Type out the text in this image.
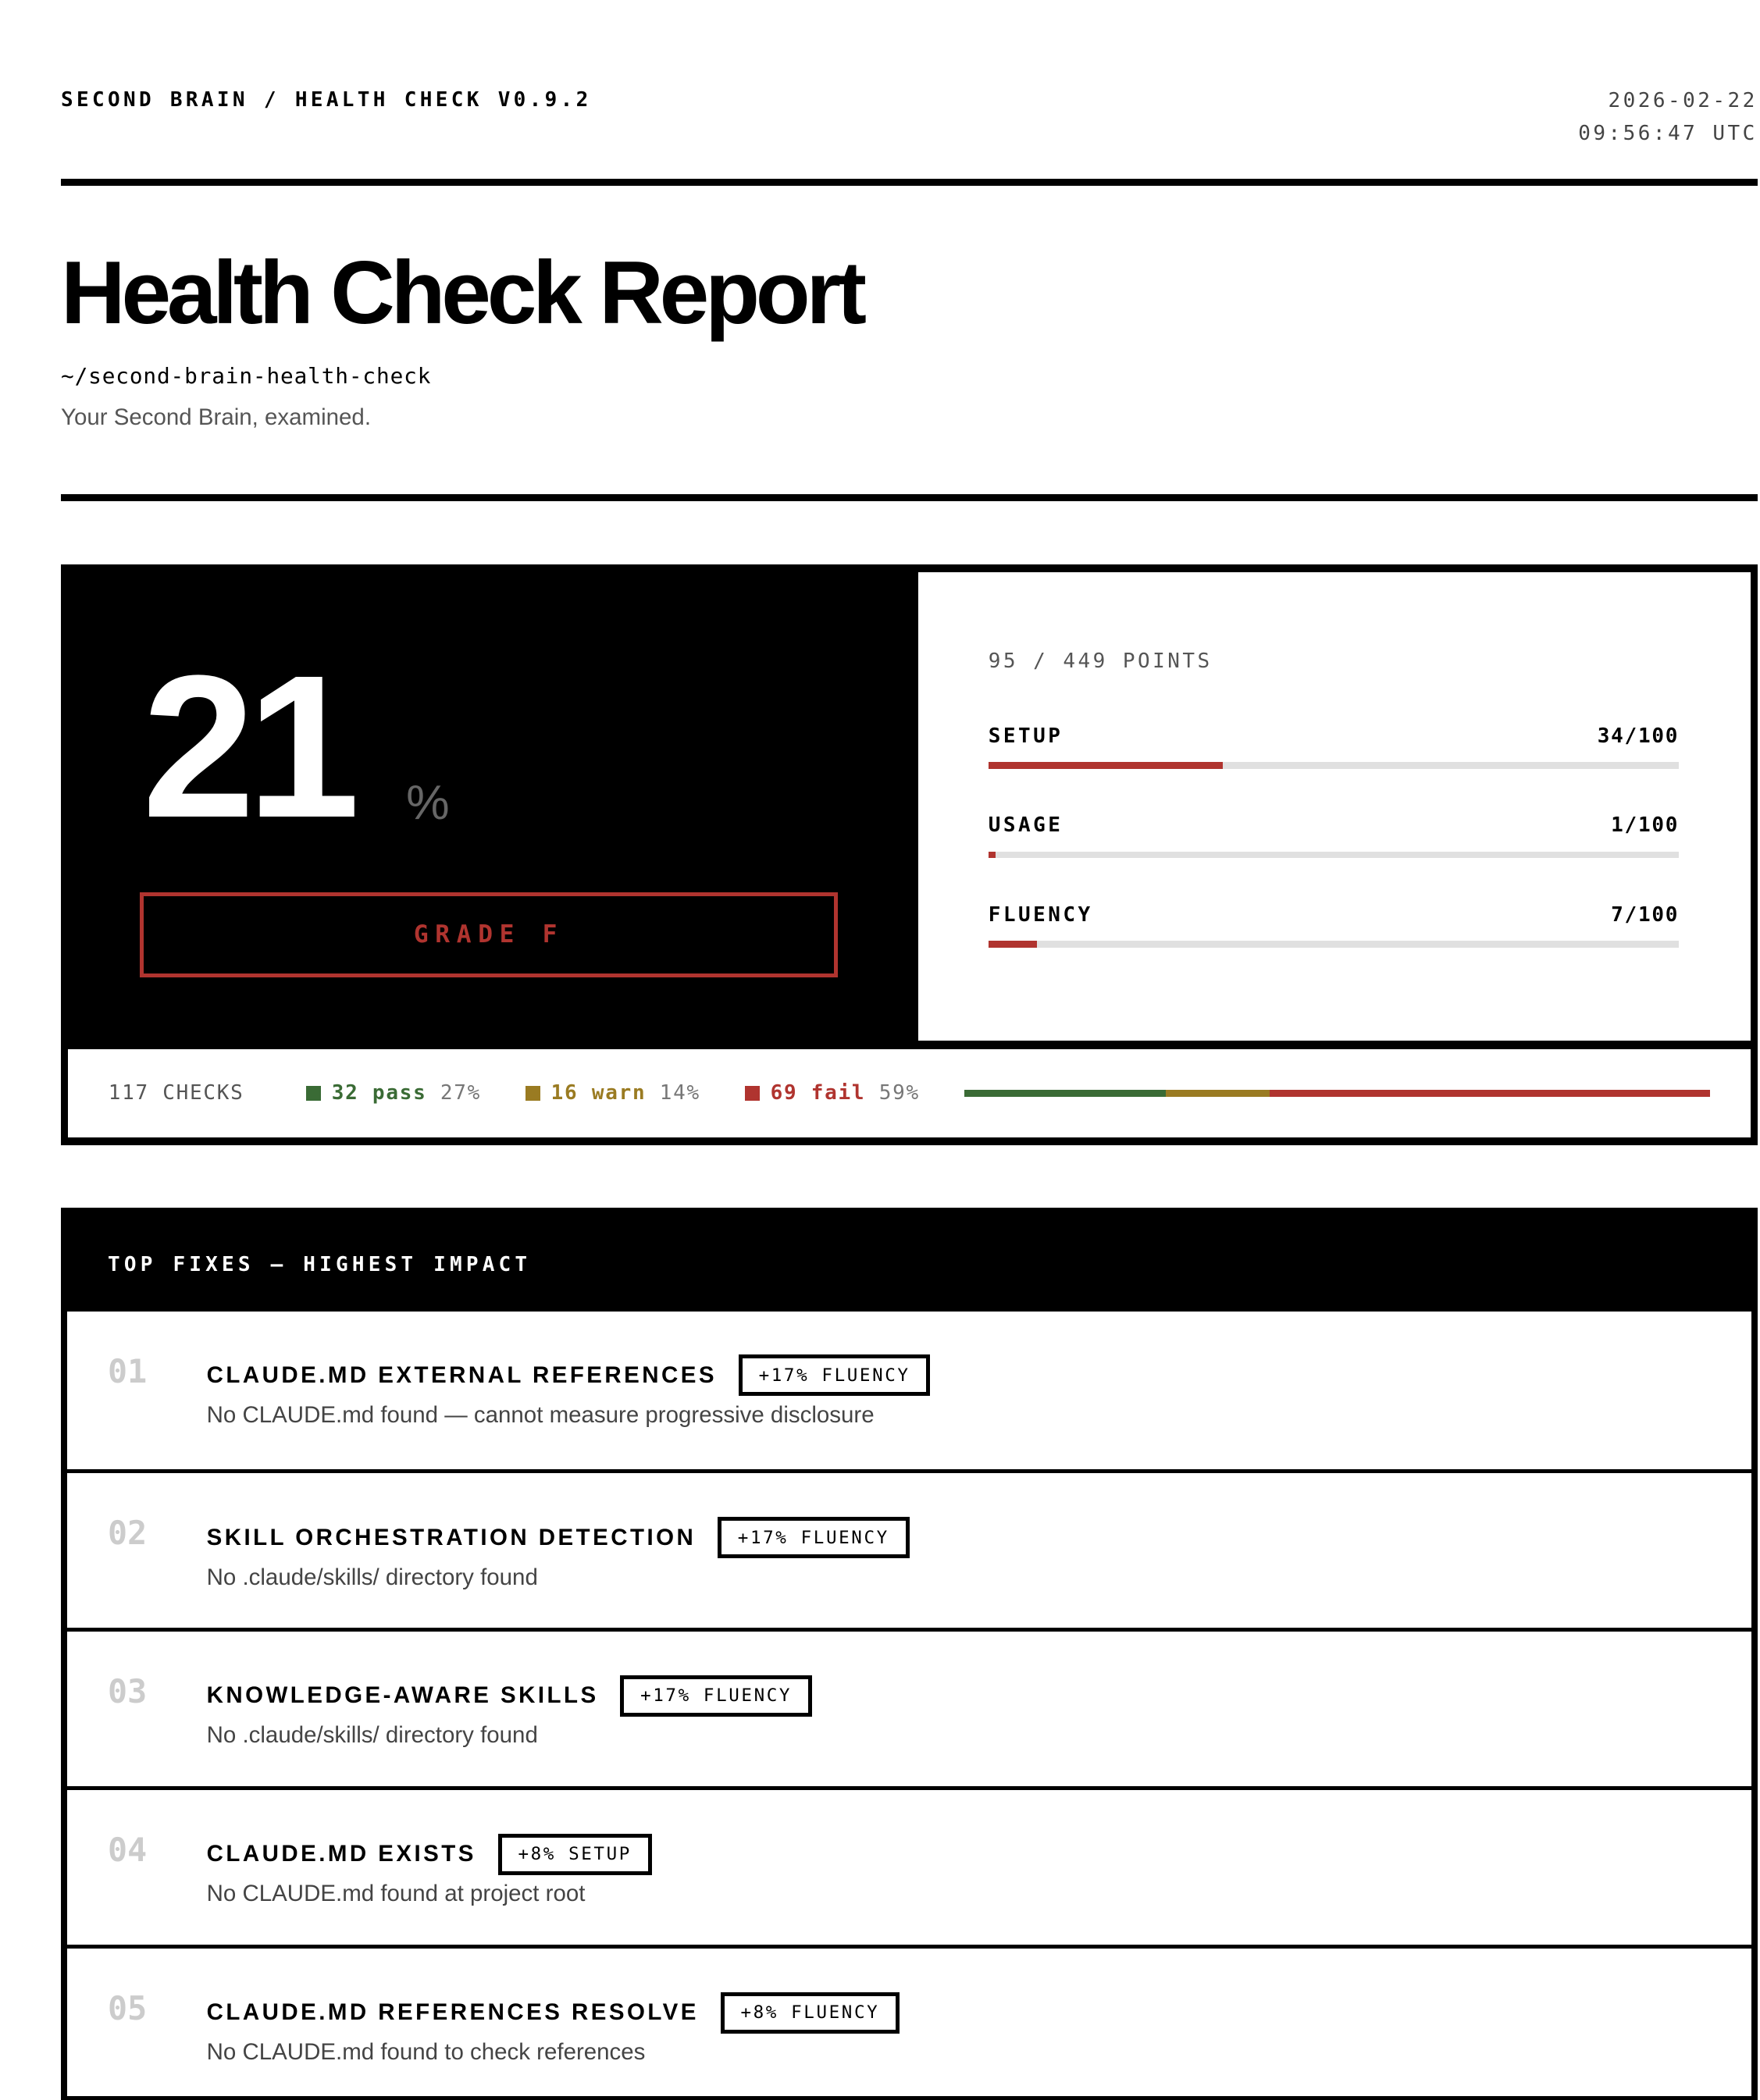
SECOND BRAIN / HEALTH CHECK V0.9.2	2026-02-22
09:56:47 UTC
Health Check Report
~/second-brain-health-check
Your Second Brain, examined.
21 %
GRADE F
95 / 449 POINTS
SETUP	34/100
USAGE	1/100
FLUENCY	7/100
117 CHECKS	32 pass 27%	16 warn 14%	69 fail 59%
TOP FIXES — HIGHEST IMPACT
01	CLAUDE.MD EXTERNAL REFERENCES	+17% FLUENCY
No CLAUDE.md found — cannot measure progressive disclosure
02	SKILL ORCHESTRATION DETECTION	+17% FLUENCY
No .claude/skills/ directory found
03	KNOWLEDGE-AWARE SKILLS	+17% FLUENCY
No .claude/skills/ directory found
04	CLAUDE.MD EXISTS	+8% SETUP
No CLAUDE.md found at project root
05	CLAUDE.MD REFERENCES RESOLVE	+8% FLUENCY
No CLAUDE.md found to check references
